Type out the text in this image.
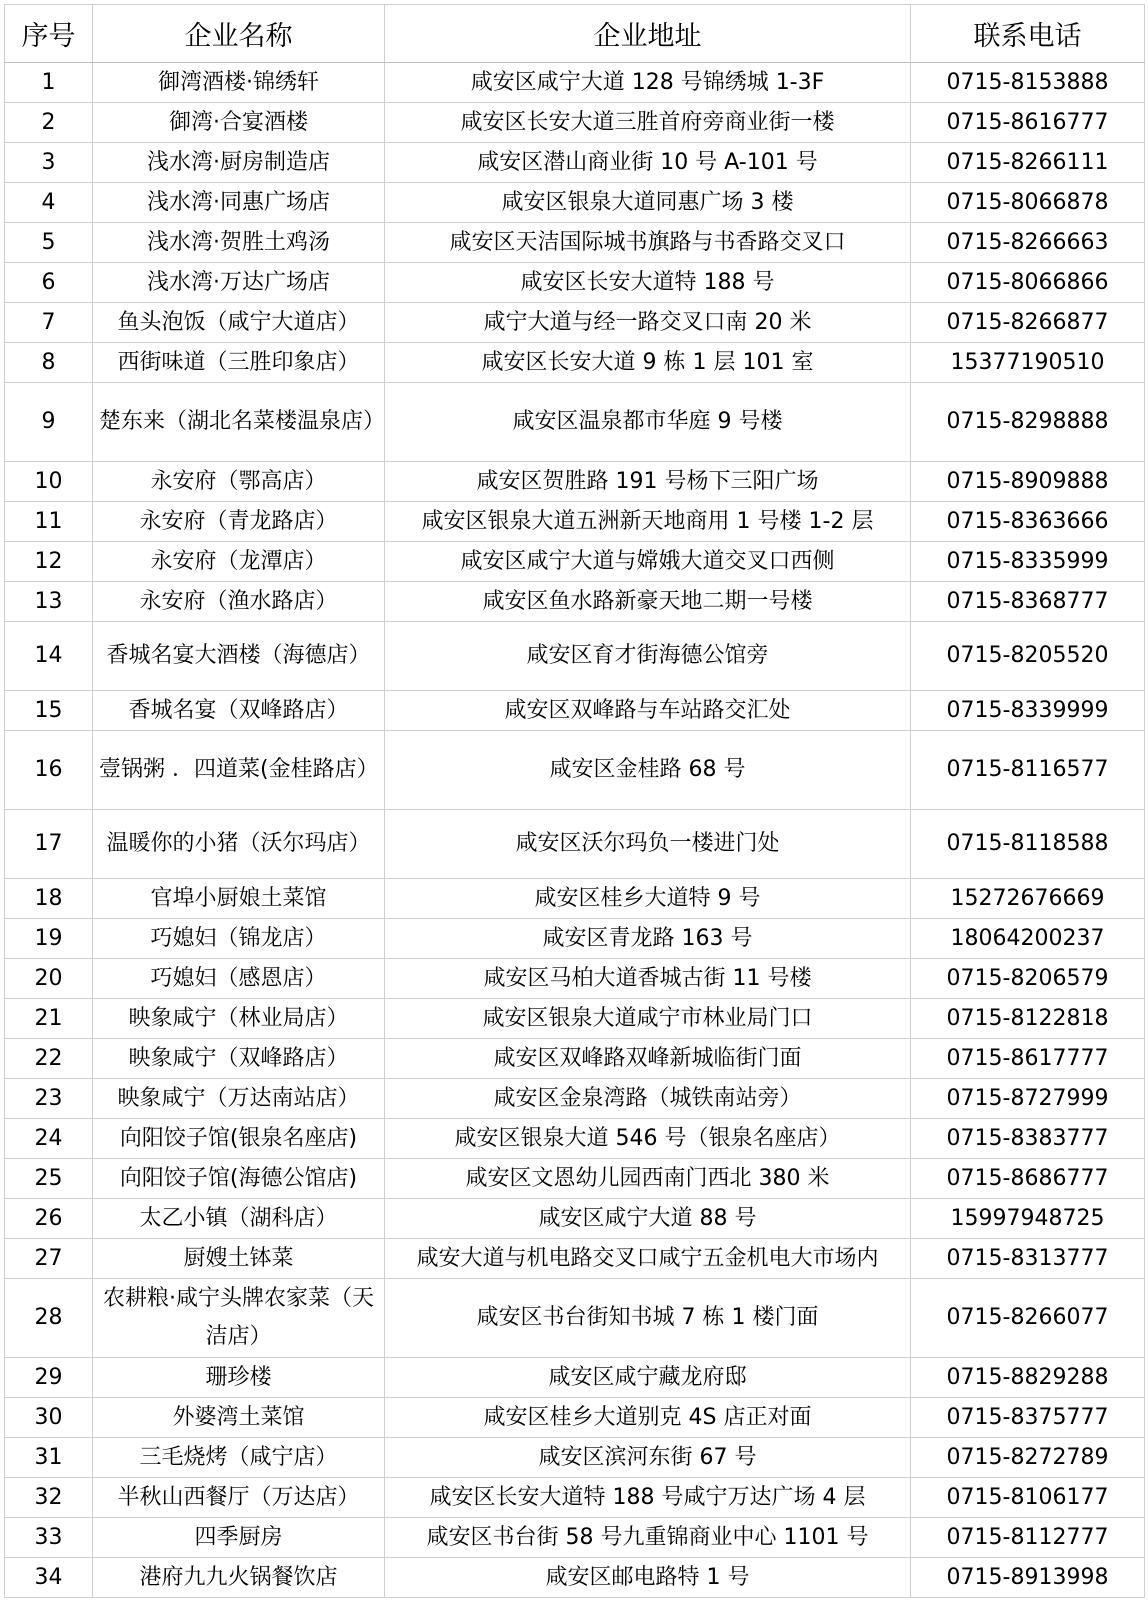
序号	企业名称	企业地址	联系电话
1	御湾酒楼·锦绣轩	咸安区咸宁大道 128 号锦绣城 1-3F	0715-8153888
2	御湾·合宴酒楼	咸安区长安大道三胜首府旁商业街一楼	0715-8616777
3	浅水湾·厨房制造店	咸安区潜山商业街 10 号 A-101 号	0715-8266111
4	浅水湾·同惠广场店	咸安区银泉大道同惠广场 3 楼	0715-8066878
5	浅水湾·贺胜土鸡汤	咸安区天洁国际城书旗路与书香路交叉口	0715-8266663
6	浅水湾·万达广场店	咸安区长安大道特 188 号	0715-8066866
7	鱼头泡饭（咸宁大道店）	咸宁大道与经一路交叉口南 20 米	0715-8266877
8	西街味道（三胜印象店）	咸安区长安大道 9 栋 1 层 101 室	15377190510
9	楚东来（湖北名菜楼温泉店）	咸安区温泉都市华庭 9 号楼	0715-8298888
10	永安府（鄂高店）	咸安区贺胜路 191 号杨下三阳广场	0715-8909888
11	永安府（青龙路店）	咸安区银泉大道五洲新天地商用 1 号楼 1-2 层	0715-8363666
12	永安府（龙潭店）	咸安区咸宁大道与嫦娥大道交叉口西侧	0715-8335999
13	永安府（渔水路店）	咸安区鱼水路新豪天地二期一号楼	0715-8368777
14	香城名宴大酒楼（海德店）	咸安区育才街海德公馆旁	0715-8205520
15	香城名宴（双峰路店）	咸安区双峰路与车站路交汇处	0715-8339999
16	壹锅粥 ．四道菜(金桂路店）	咸安区金桂路 68 号	0715-8116577
17	温暖你的小猪（沃尔玛店）	咸安区沃尔玛负一楼进门处	0715-8118588
18	官埠小厨娘土菜馆	咸安区桂乡大道特 9 号	15272676669
19	巧媳妇（锦龙店）	咸安区青龙路 163 号	18064200237
20	巧媳妇（感恩店）	咸安区马柏大道香城古街 11 号楼	0715-8206579
21	映象咸宁（林业局店）	咸安区银泉大道咸宁市林业局门口	0715-8122818
22	映象咸宁（双峰路店）	咸安区双峰路双峰新城临街门面	0715-8617777
23	映象咸宁（万达南站店）	咸安区金泉湾路（城铁南站旁）	0715-8727999
24	向阳饺子馆(银泉名座店)	咸安区银泉大道 546 号（银泉名座店）	0715-8383777
25	向阳饺子馆(海德公馆店)	咸安区文恩幼儿园西南门西北 380 米	0715-8686777
26	太乙小镇（湖科店）	咸安区咸宁大道 88 号	15997948725
27	厨嫂土钵菜	咸安大道与机电路交叉口咸宁五金机电大市场内	0715-8313777
28	农耕粮·咸宁头牌农家菜（天洁店）	咸安区书台街知书城 7 栋 1 楼门面	0715-8266077
29	珊珍楼	咸安区咸宁藏龙府邸	0715-8829288
30	外婆湾土菜馆	咸安区桂乡大道别克 4S 店正对面	0715-8375777
31	三毛烧烤（咸宁店）	咸安区滨河东街 67 号	0715-8272789
32	半秋山西餐厅（万达店）	咸安区长安大道特 188 号咸宁万达广场 4 层	0715-8106177
33	四季厨房	咸安区书台街 58 号九重锦商业中心 1101 号	0715-8112777
34	港府九九火锅餐饮店	咸安区邮电路特 1 号	0715-8913998
